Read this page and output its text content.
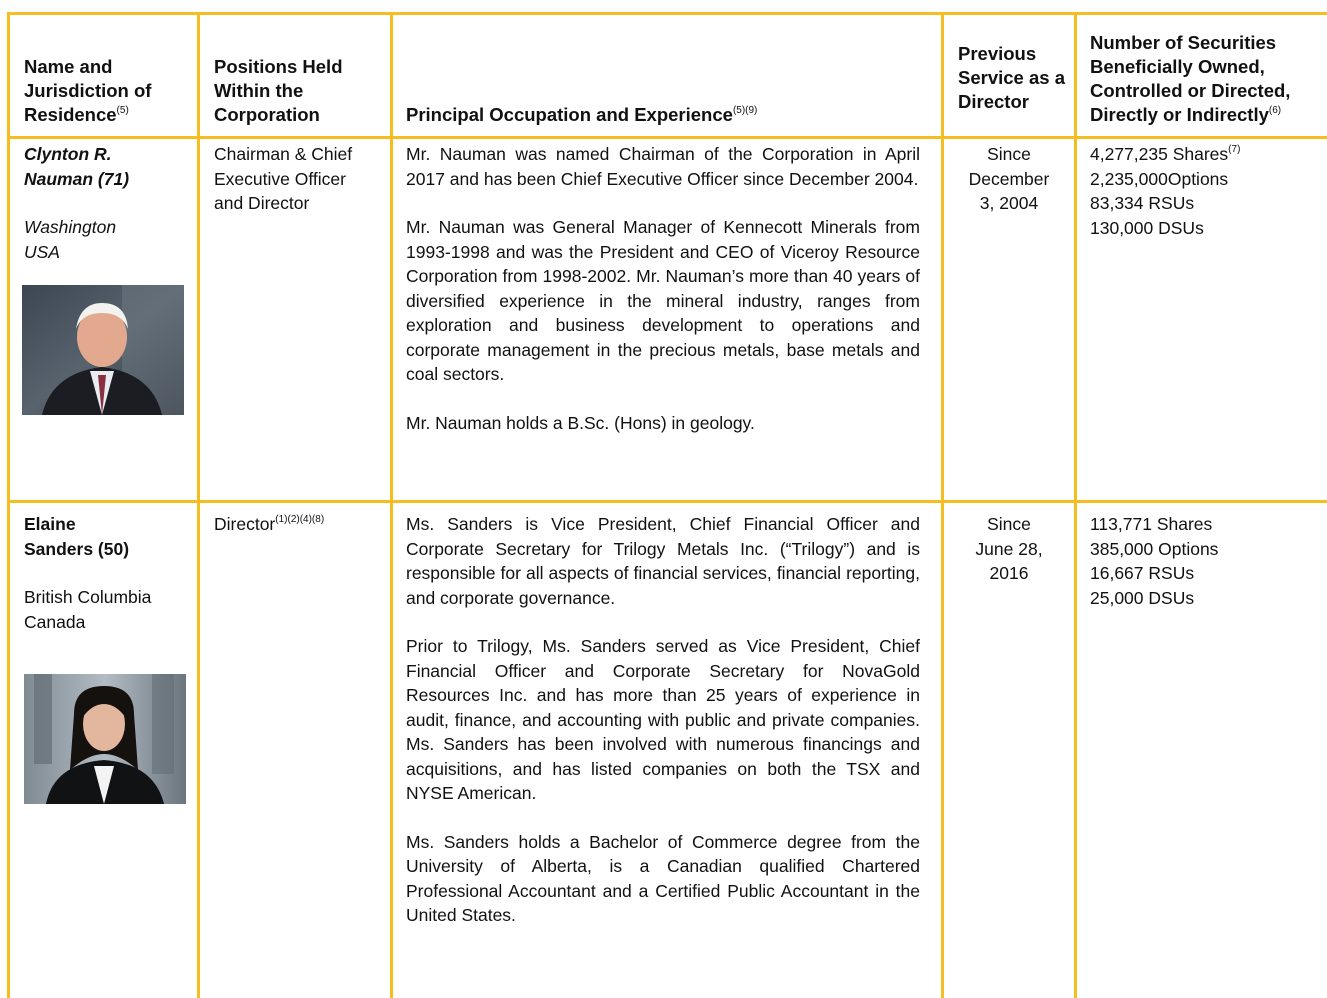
Name and Jurisdiction of Residence$^{(5)}$
Positions Held Within the Corporation	Principal Occupation and Experience$^{(5)(9)}$
Previous Service as a Director
Number of Securities Beneficially Owned, Controlled or Directed, Directly or Indirectly$^{(6)}$
Clynton R.
Nauman (71)
Washington
USA
Chairman & Chief Executive Officer and Director

Mr. Nauman was named Chairman of the Corporation in April 2017 and has been Chief Executive Officer since December 2004.

Mr. Nauman was General Manager of Kennecott Minerals from 1993-1998 and was the President and CEO of Viceroy Resource Corporation from 1998-2002. Mr. Nauman’s more than 40 years of diversified experience in the mineral industry, ranges from exploration and business development to operations and corporate management in the precious metals, base metals and coal sectors.

Mr. Nauman holds a B.Sc. (Hons) in geology.

Since
December
3, 2004
4,277,235 Shares$^{(7)}$
2,235,000Options
83,334 RSUs
130,000 DSUs
Elaine
Sanders (50)
British Columbia
Canada
Director$^{(1)(2)(4)(8)}$	Ms. Sanders is Vice President, Chief Financial Officer and Corporate Secretary for Trilogy Metals Inc. (“Trilogy”) and is responsible for all aspects of financial services, financial reporting, and corporate governance.

Prior to Trilogy, Ms. Sanders served as Vice President, Chief Financial Officer and Corporate Secretary for NovaGold Resources Inc. and has more than 25 years of experience in audit, finance, and accounting with public and private companies. Ms. Sanders has been involved with numerous financings and acquisitions, and has listed companies on both the TSX and NYSE American.

Ms. Sanders holds a Bachelor of Commerce degree from the University of Alberta, is a Canadian qualified Chartered Professional Accountant and a Certified Public Accountant in the United States.

Since
June 28,
2016
113,771 Shares
385,000 Options
16,667 RSUs
25,000 DSUs
